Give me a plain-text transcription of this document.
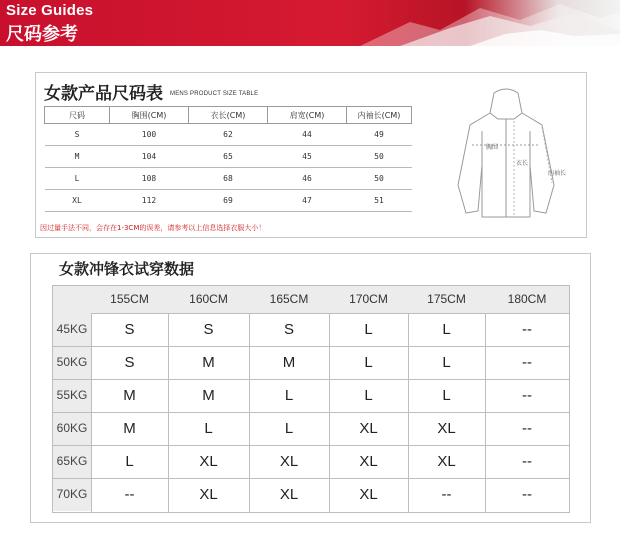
Size Guides
尺码参考
女款产品尺码表 MENS PRODUCT SIZE TABLE
尺码	胸围(CM)	衣长(CM)	肩宽(CM)	内袖长(CM)
S	100	62	44	49
M	104	65	45	50
L	108	68	46	50
XL	112	69	47	51
因过量手法不同，会存在1-3CM的误差，请参考以上信息选择衣服大小！
胸围
衣长
内袖长
女款冲锋衣试穿数据
155CM	160CM	165CM	170CM	175CM	180CM
45KG	S	S	S	L	L	--
50KG	S	M	M	L	L	--
55KG	M	M	L	L	L	--
60KG	M	L	L	XL	XL	--
65KG	L	XL	XL	XL	XL	--
70KG	--	XL	XL	XL	--	--
